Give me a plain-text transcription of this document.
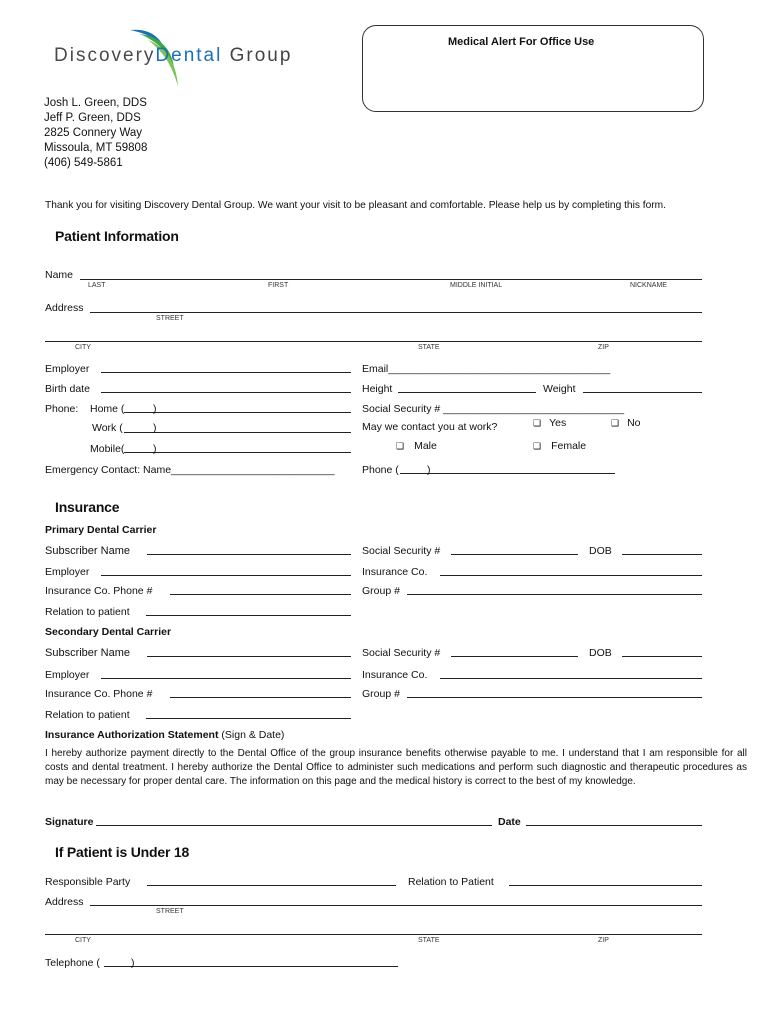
DiscoveryDental Group
Medical Alert For Office Use
Josh L. Green, DDS
Jeff P. Green, DDS
2825 Connery Way
Missoula, MT 59808
(406) 549-5861
Thank you for visiting Discovery Dental Group. We want your visit to be pleasant and comfortable. Please help us by completing this form.
Patient Information
Name
LAST	FIRST	MIDDLE INITIAL	NICKNAME
Address
STREET
CITY	STATE	ZIP
Employer	Email______________________________________
Birth date	Height	Weight
Phone: Home (	)	Social Security # _______________________________
Work (	)	May we contact you at work?	❑ Yes	❑ No
Mobile(	)	❑ Male	❑ Female
Emergency Contact: Name____________________________	Phone (	)
Insurance
Primary Dental Carrier
Subscriber Name	Social Security #	DOB
Employer	Insurance Co.
Insurance Co. Phone #	Group #
Relation to patient
Secondary Dental Carrier
Subscriber Name	Social Security #	DOB
Employer	Insurance Co.
Insurance Co. Phone #	Group #
Relation to patient
Insurance Authorization Statement (Sign & Date)
I hereby authorize payment directly to the Dental Office of the group insurance benefits otherwise payable to me. I understand that I am responsible for all costs and dental treatment. I hereby authorize the Dental Office to administer such medications and perform such diagnostic and therapeutic procedures as may be necessary for proper dental care. The information on this page and the medical history is correct to the best of my knowledge.
Signature	Date
If Patient is Under 18
Responsible Party	Relation to Patient
Address
STREET
CITY	STATE	ZIP
Telephone (	)
